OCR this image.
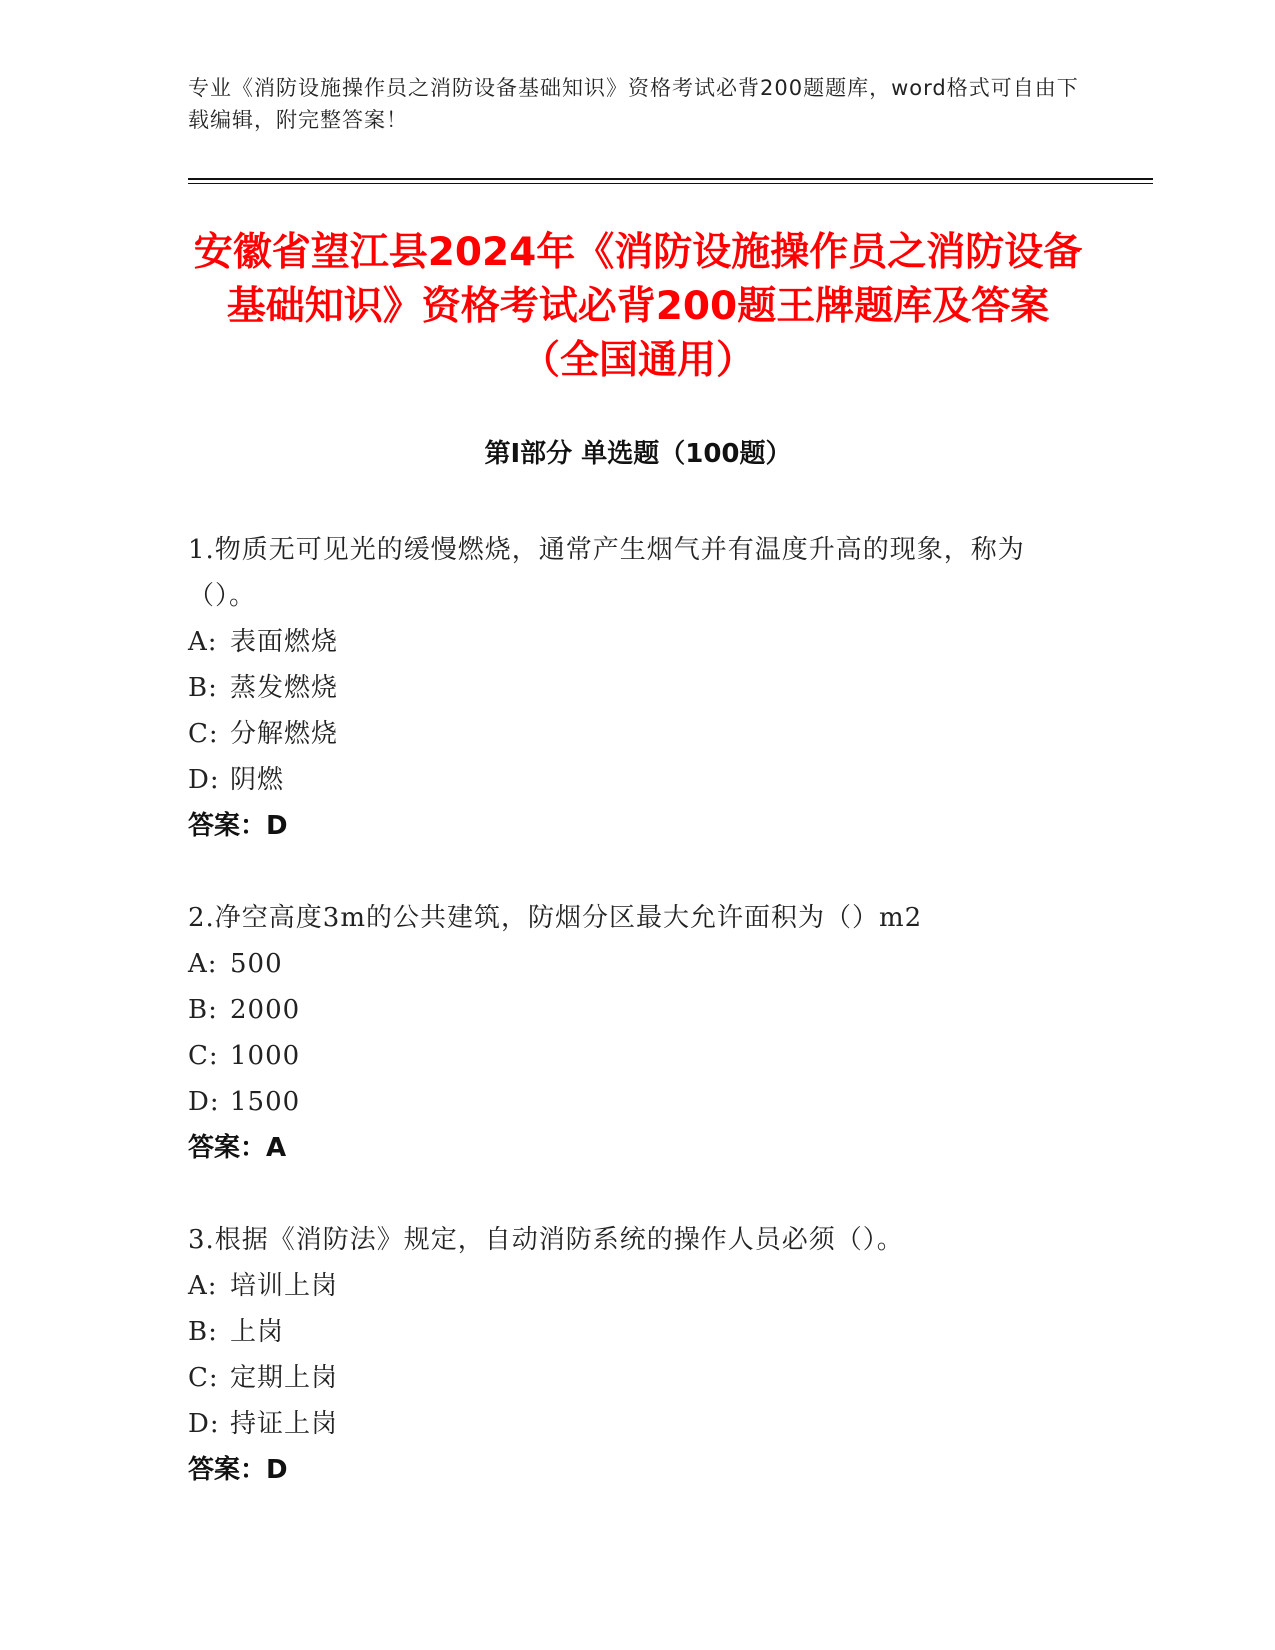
专业《消防设施操作员之消防设备基础知识》资格考试必背200题题库，word格式可自由下载编辑，附完整答案！
安徽省望江县2024年《消防设施操作员之消防设备基础知识》资格考试必背200题王牌题库及答案（全国通用）
第Ⅰ部分 单选题（100题）
1.物质无可见光的缓慢燃烧，通常产生烟气并有温度升高的现象，称为（）。
A: 表面燃烧
B: 蒸发燃烧
C: 分解燃烧
D: 阴燃
答案：D
2.净空高度3m的公共建筑，防烟分区最大允许面积为（）m2
A: 500
B: 2000
C: 1000
D: 1500
答案：A
3.根据《消防法》规定，自动消防系统的操作人员必须（）。
A: 培训上岗
B: 上岗
C: 定期上岗
D: 持证上岗
答案：D
